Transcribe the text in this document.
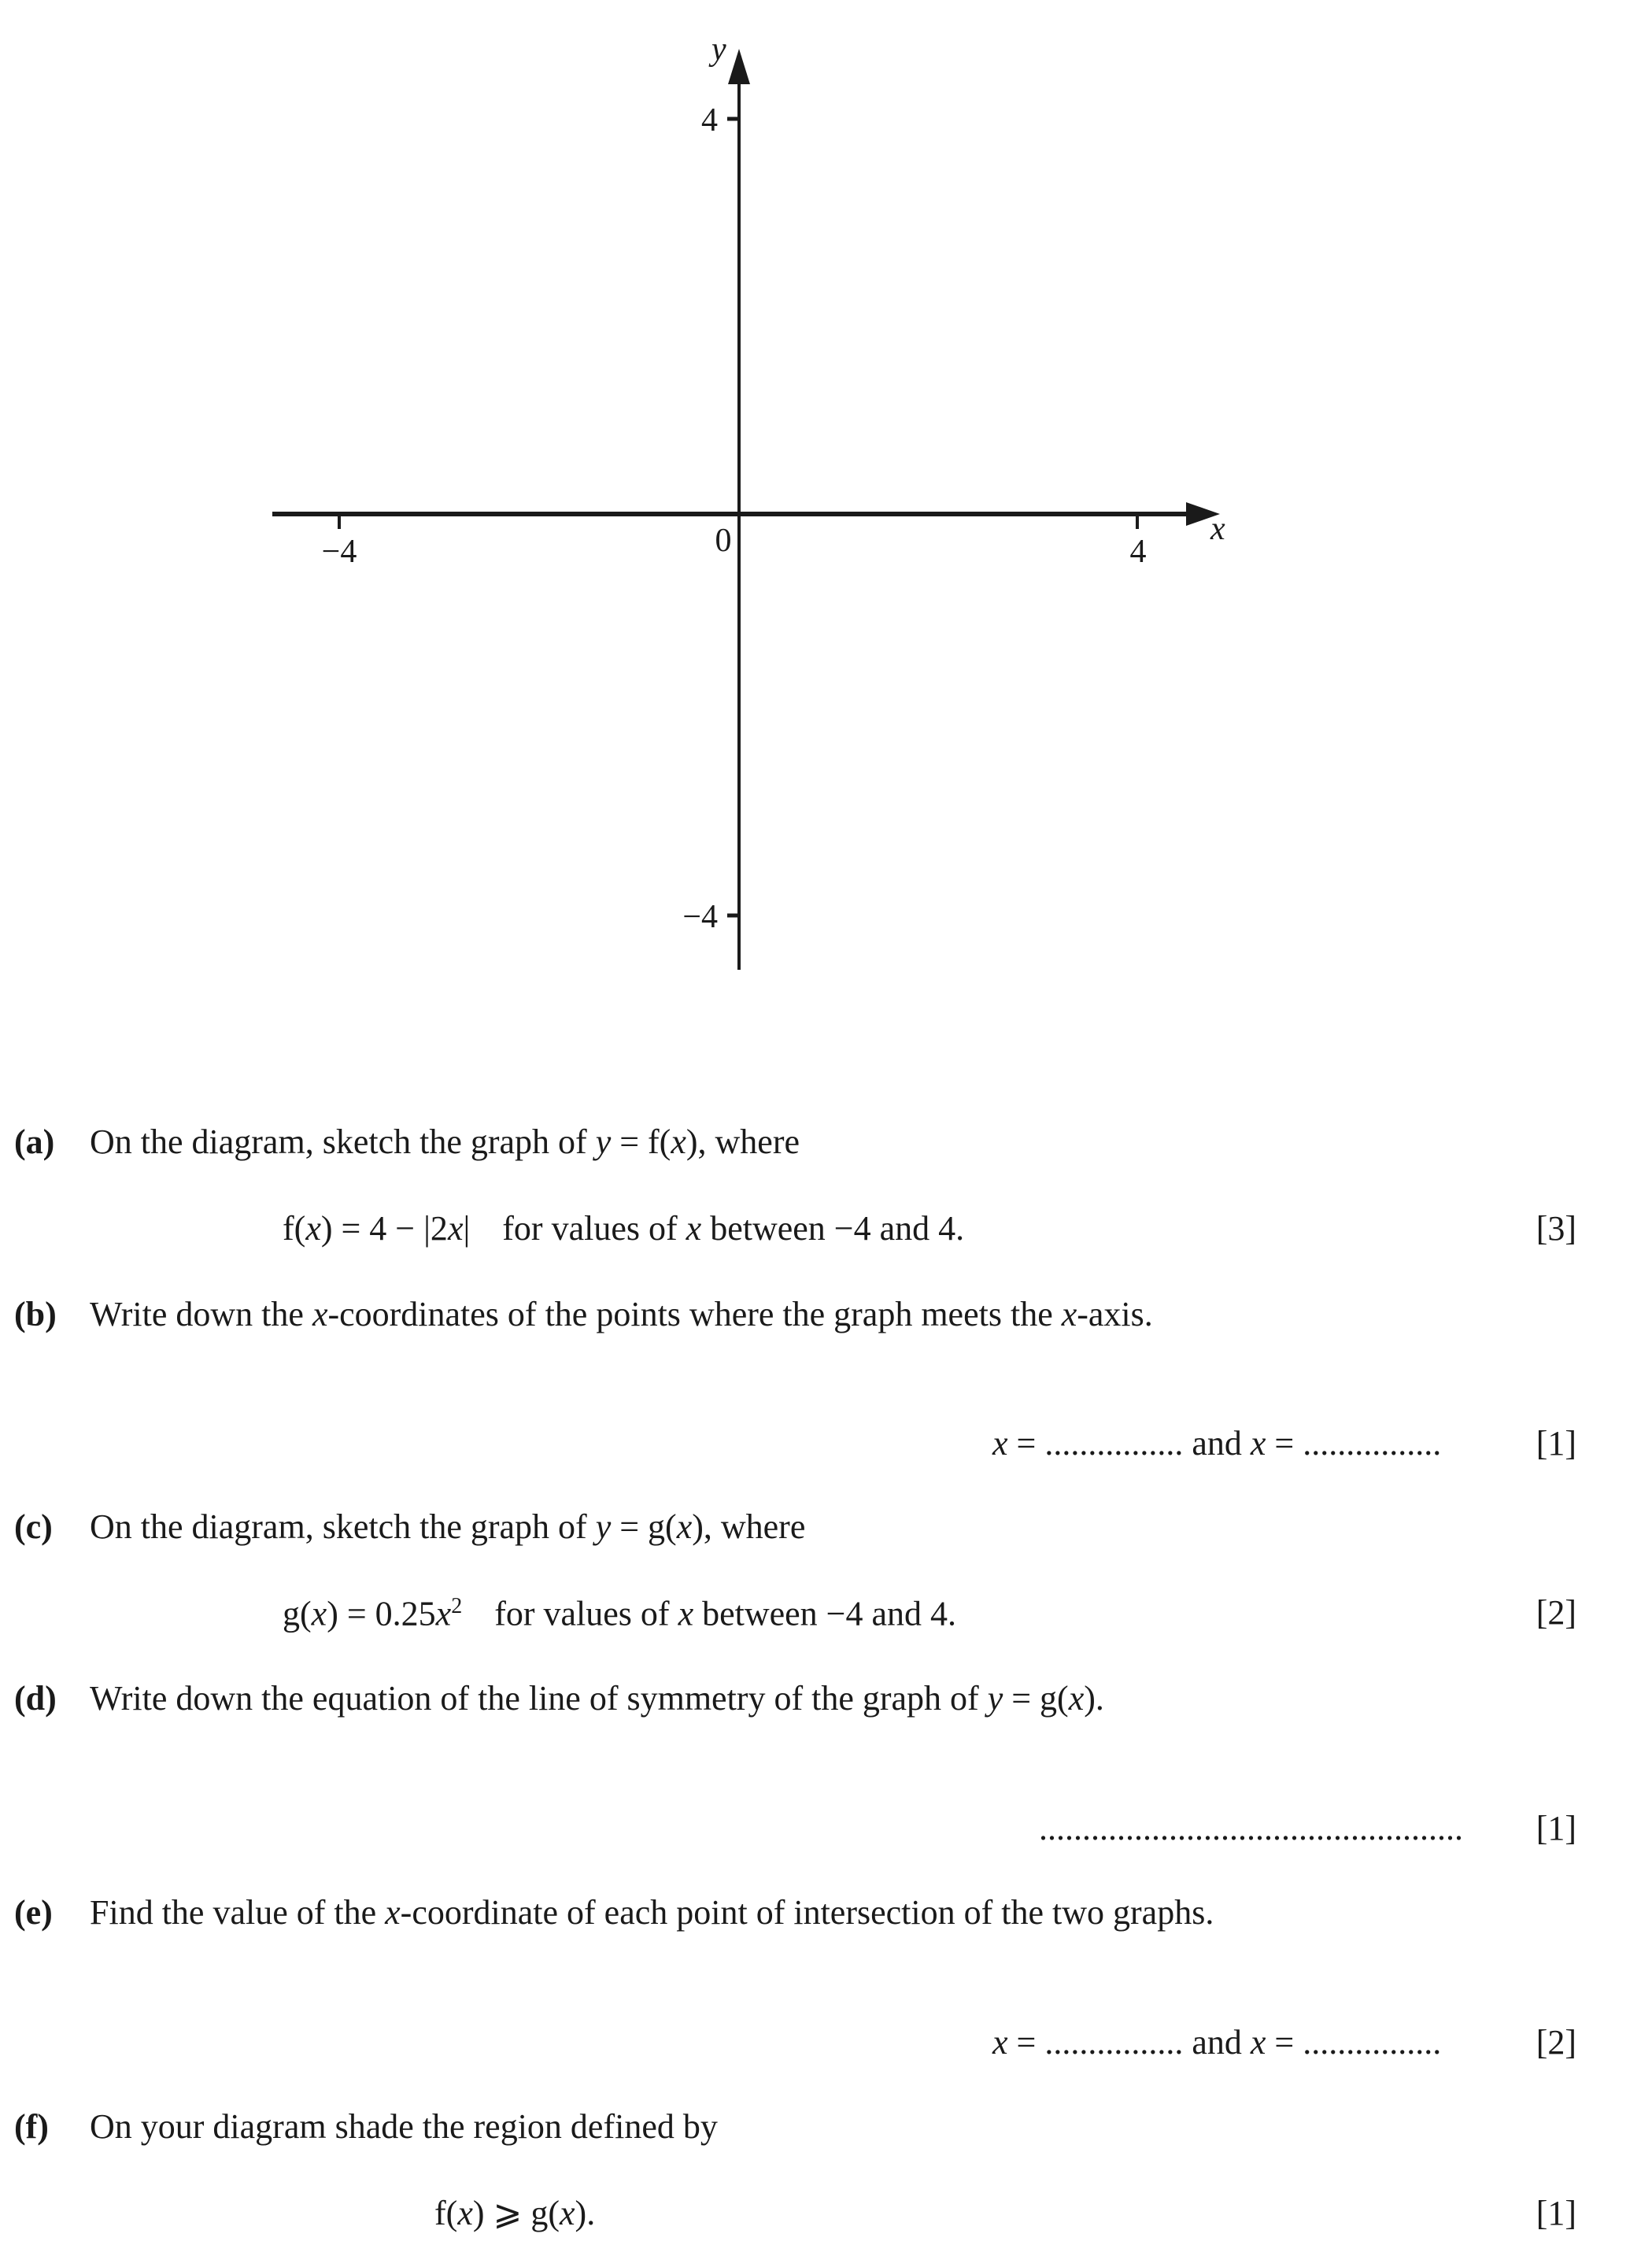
−4	4
4
−4
0	x
y
(a) On the diagram, sketch the graph of y = f(x), where
f(x) = 4 − |2x| for values of x between −4 and 4.	[3]
(b) Write down the x-coordinates of the points where the graph meets the x-axis.
x = ................ and x = ................	[1]
(c) On the diagram, sketch the graph of y = g(x), where
$g(x) = 0.25x^2$ for values of x between −4 and 4.	[2]
(d) Write down the equation of the line of symmetry of the graph of y = g(x).
................................................. [1]
(e) Find the value of the x-coordinate of each point of intersection of the two graphs.
x = ................ and x = ................	[2]
(f) On your diagram shade the region defined by
f(x) ⩾ g(x).	[1]
